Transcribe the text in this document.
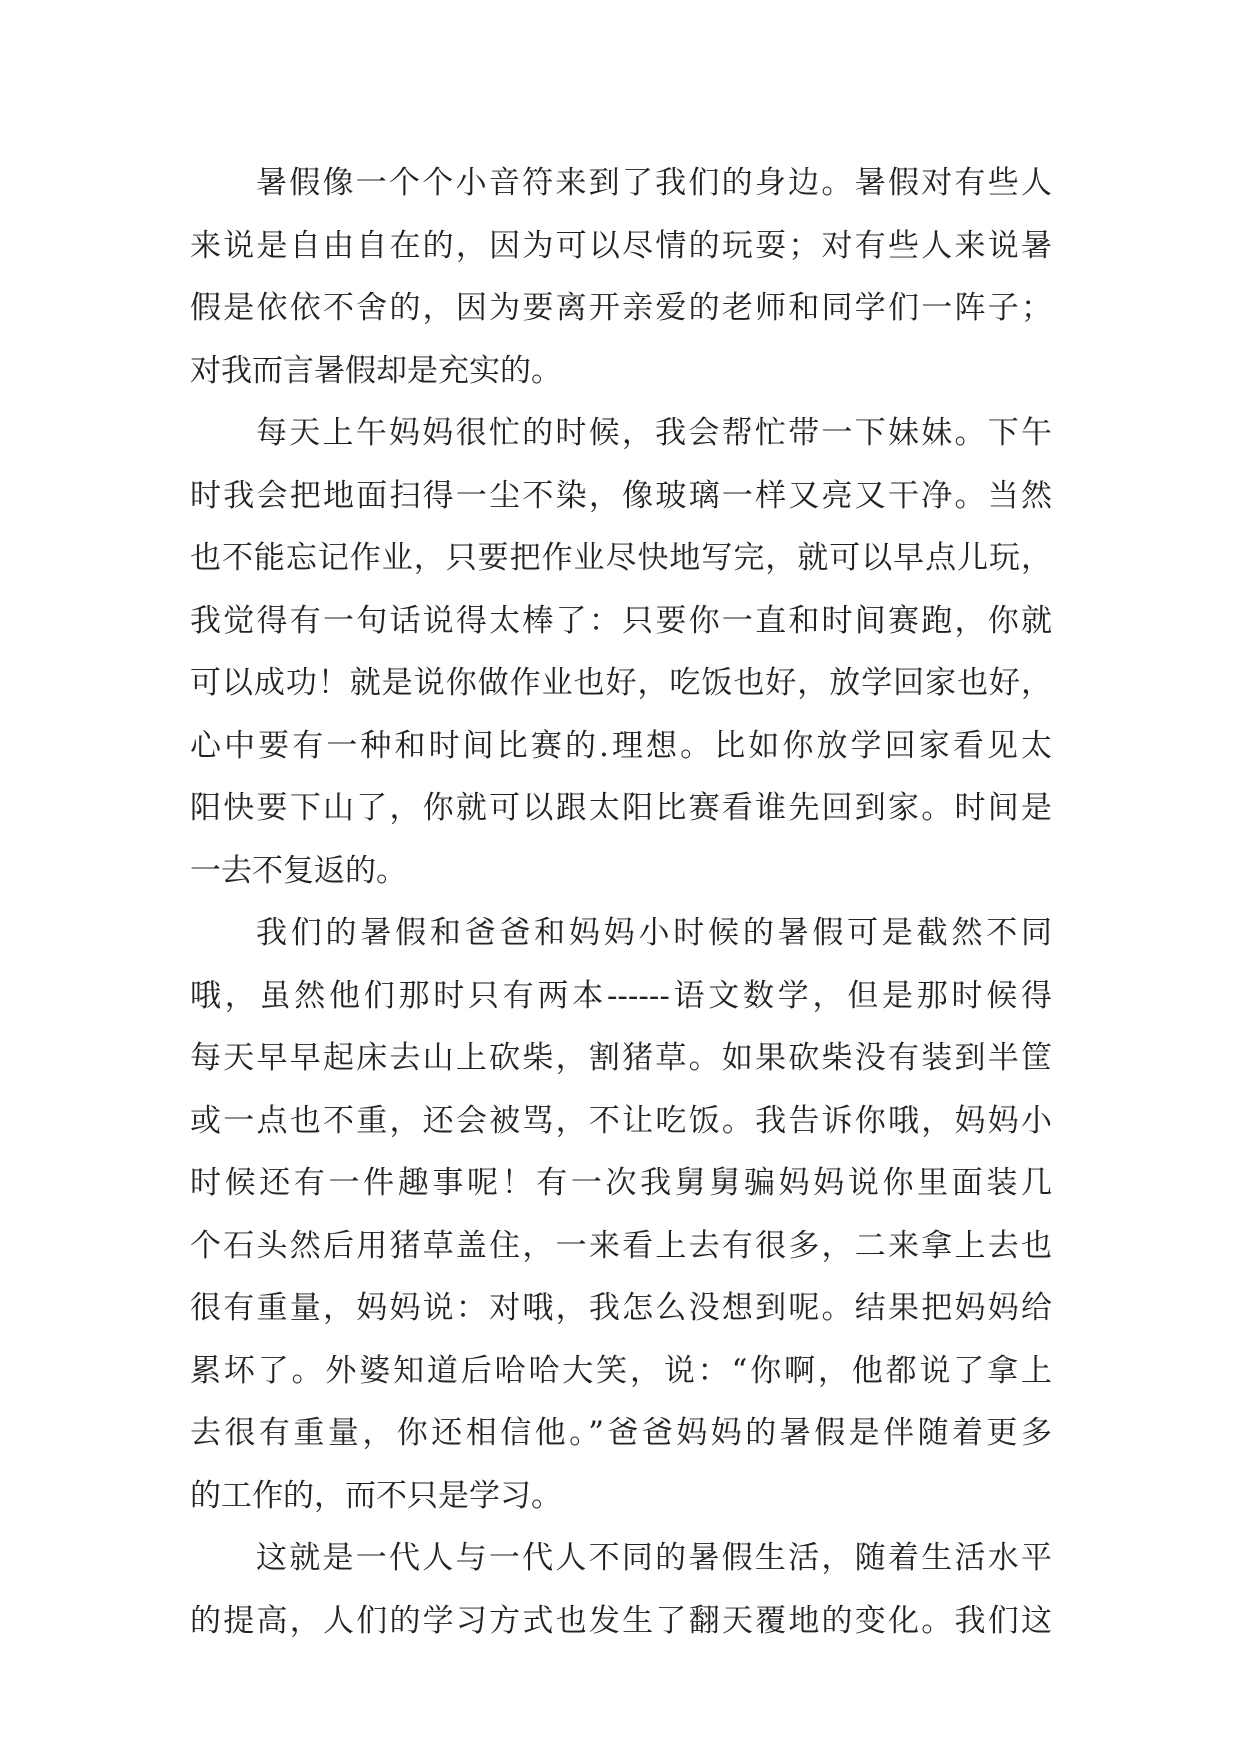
暑假像一个个小音符来到了我们的身边。暑假对有些人
来说是自由自在的，因为可以尽情的玩耍；对有些人来说暑
假是依依不舍的，因为要离开亲爱的老师和同学们一阵子；
对我而言暑假却是充实的。
每天上午妈妈很忙的时候，我会帮忙带一下妹妹。下午
时我会把地面扫得一尘不染，像玻璃一样又亮又干净。当然
也不能忘记作业，只要把作业尽快地写完，就可以早点儿玩，
我觉得有一句话说得太棒了：只要你一直和时间赛跑，你就
可以成功！就是说你做作业也好，吃饭也好，放学回家也好，
心中要有一种和时间比赛的.理想。比如你放学回家看见太
阳快要下山了，你就可以跟太阳比赛看谁先回到家。时间是
一去不复返的。
我们的暑假和爸爸和妈妈小时候的暑假可是截然不同
哦，虽然他们那时只有两本------语文数学，但是那时候得
每天早早起床去山上砍柴，割猪草。如果砍柴没有装到半筐
或一点也不重，还会被骂，不让吃饭。我告诉你哦，妈妈小
时候还有一件趣事呢！有一次我舅舅骗妈妈说你里面装几
个石头然后用猪草盖住，一来看上去有很多，二来拿上去也
很有重量，妈妈说：对哦，我怎么没想到呢。结果把妈妈给
累坏了。外婆知道后哈哈大笑，说：“你啊，他都说了拿上
去很有重量，你还相信他。”爸爸妈妈的暑假是伴随着更多
的工作的，而不只是学习。
这就是一代人与一代人不同的暑假生活，随着生活水平
的提高，人们的学习方式也发生了翻天覆地的变化。我们这
